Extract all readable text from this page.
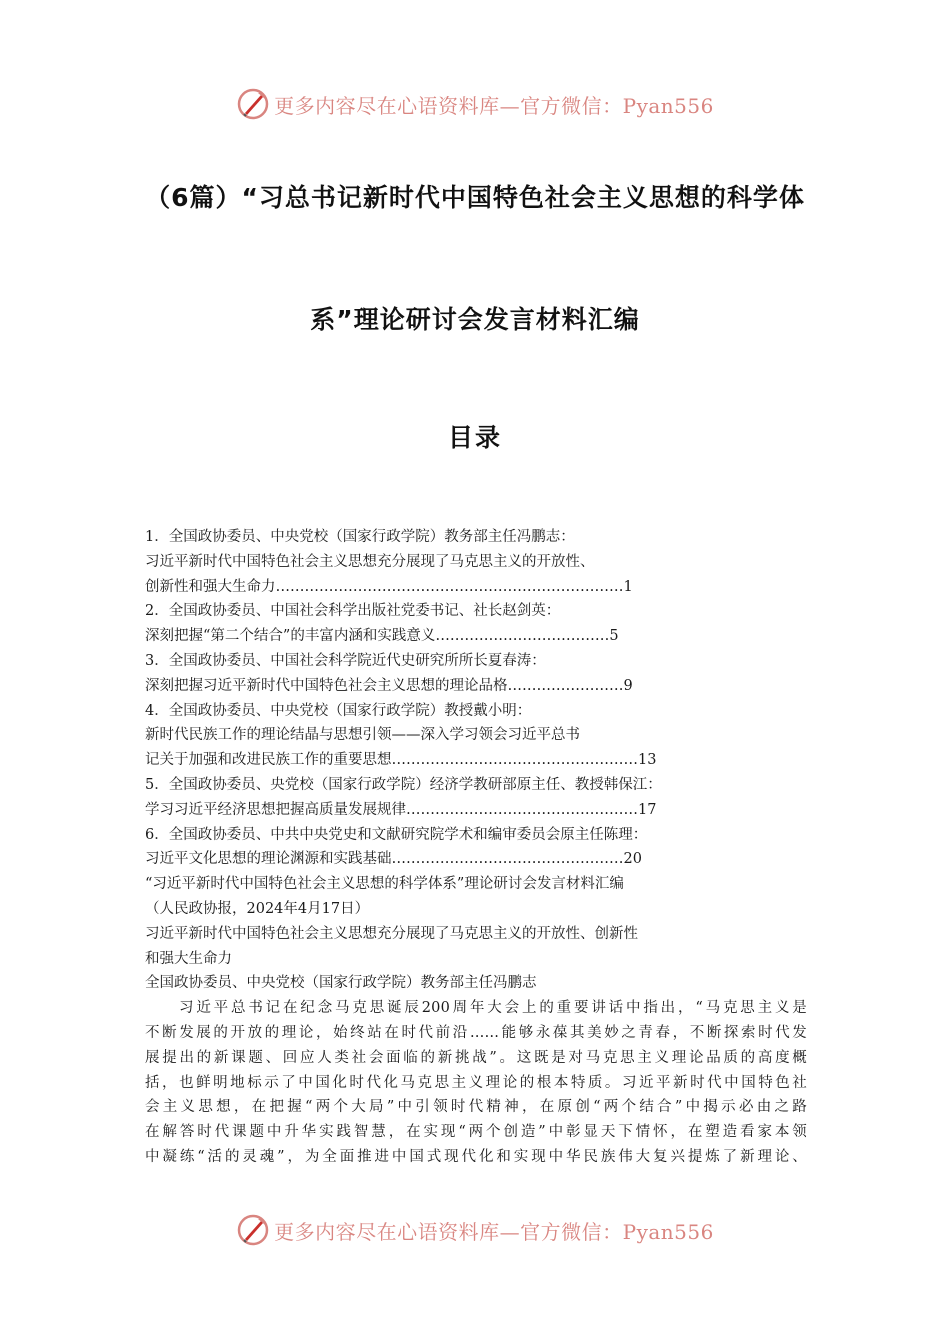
更多内容尽在心语资料库—官方微信：Pyan556
（6篇）“习总书记新时代中国特色社会主义思想的科学体
系”理论研讨会发言材料汇编
目录
1．全国政协委员、中央党校（国家行政学院）教务部主任冯鹏志：
习近平新时代中国特色社会主义思想充分展现了马克思主义的开放性、
创新性和强大生命力………………………………………………………………1
2．全国政协委员、中国社会科学出版社党委书记、社长赵剑英：
深刻把握“第二个结合”的丰富内涵和实践意义………………………………5
3．全国政协委员、中国社会科学院近代史研究所所长夏春涛：
深刻把握习近平新时代中国特色社会主义思想的理论品格……………………9
4．全国政协委员、中央党校（国家行政学院）教授戴小明：
新时代民族工作的理论结晶与思想引领——深入学习领会习近平总书
记关于加强和改进民族工作的重要思想……………………………………………13
5．全国政协委员、央党校（国家行政学院）经济学教研部原主任、教授韩保江：
学习习近平经济思想把握高质量发展规律…………………………………………17
6．全国政协委员、中共中央党史和文献研究院学术和编审委员会原主任陈理：
习近平文化思想的理论渊源和实践基础…………………………………………20
“习近平新时代中国特色社会主义思想的科学体系”理论研讨会发言材料汇编
（人民政协报，2024年4月17日）
习近平新时代中国特色社会主义思想充分展现了马克思主义的开放性、创新性
和强大生命力
全国政协委员、中央党校（国家行政学院）教务部主任冯鹏志
习近平总书记在纪念马克思诞辰200周年大会上的重要讲话中指出，“马克思主义是
不断发展的开放的理论，始终站在时代前沿……能够永葆其美妙之青春，不断探索时代发
展提出的新课题、回应人类社会面临的新挑战”。这既是对马克思主义理论品质的高度概
括，也鲜明地标示了中国化时代化马克思主义理论的根本特质。习近平新时代中国特色社
会主义思想，在把握“两个大局”中引领时代精神，在原创“两个结合”中揭示必由之路
在解答时代课题中升华实践智慧，在实现“两个创造”中彰显天下情怀，在塑造看家本领
中凝练“活的灵魂”，为全面推进中国式现代化和实现中华民族伟大复兴提炼了新理论、
更多内容尽在心语资料库—官方微信：Pyan556
